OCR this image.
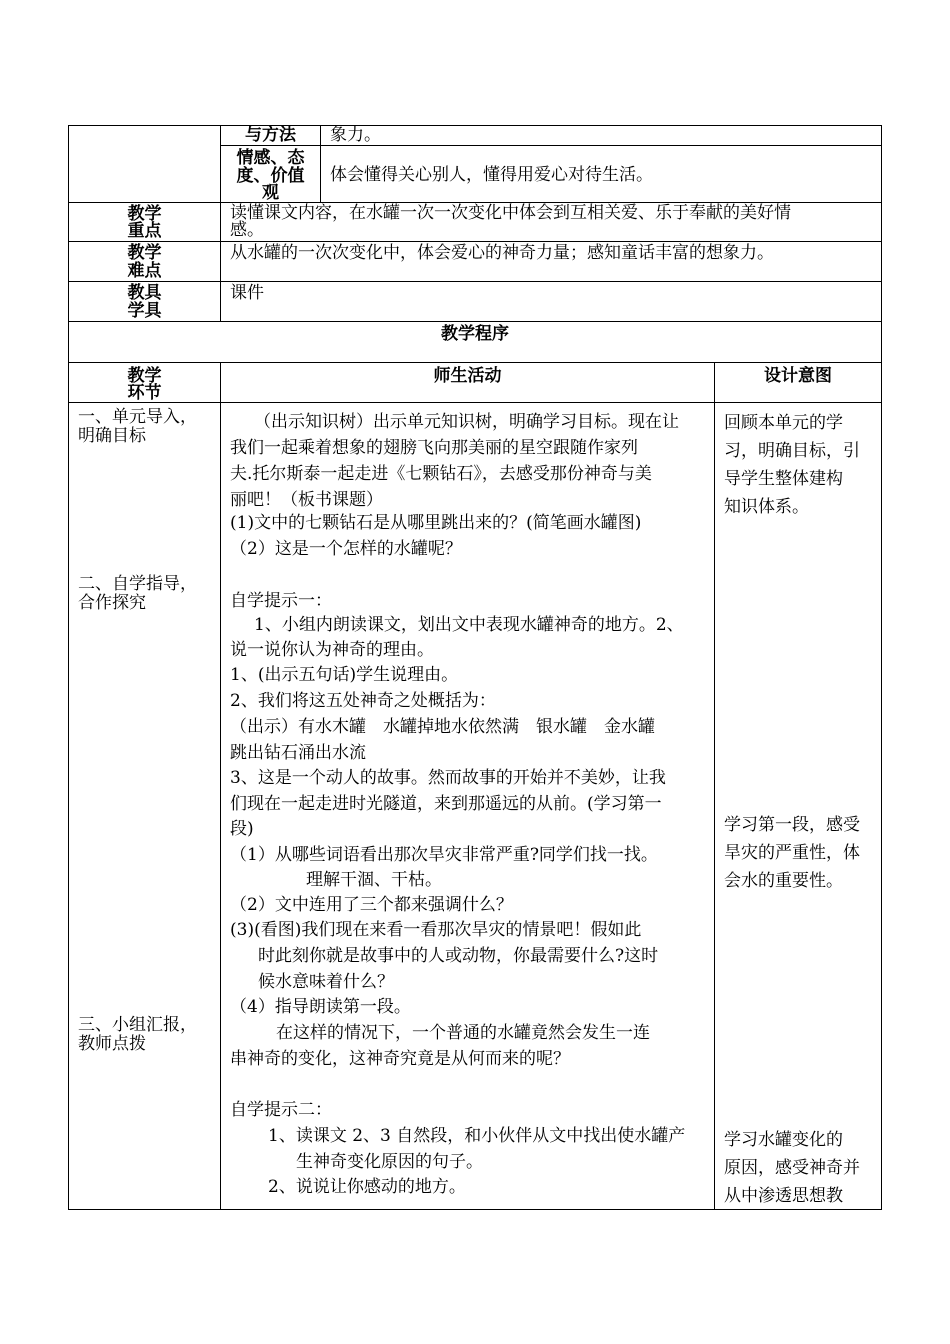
与方法	象力。
情感、态
度、价值
观
体会懂得关心别人，懂得用爱心对待生活。
教学
重点
读懂课文内容，在水罐一次一次变化中体会到互相关爱、乐于奉献的美好情
感。
教学
难点
从水罐的一次次变化中，体会爱心的神奇力量；感知童话丰富的想象力。
教具
学具
课件
教学程序
教学
环节
师生活动	设计意图
一、单元导入，
明确目标
二、自学指导，
合作探究
三、小组汇报，
教师点拨
（出示知识树）出示单元知识树，明确学习目标。现在让
我们一起乘着想象的翅膀飞向那美丽的星空跟随作家列
夫.托尔斯泰一起走进《七颗钻石》，去感受那份神奇与美
丽吧！（板书课题）
(1)文中的七颗钻石是从哪里跳出来的？(简笔画水罐图)
（2）这是一个怎样的水罐呢？
自学提示一：
1、小组内朗读课文，划出文中表现水罐神奇的地方。2、
说一说你认为神奇的理由。
1、(出示五句话)学生说理由。
2、我们将这五处神奇之处概括为：
（出示）有水木罐　水罐掉地水依然满　银水罐　金水罐
跳出钻石涌出水流
3、这是一个动人的故事。然而故事的开始并不美妙，让我
们现在一起走进时光隧道，来到那遥远的从前。(学习第一
段)
（1）从哪些词语看出那次旱灾非常严重?同学们找一找。
理解干涸、干枯。
（2）文中连用了三个都来强调什么？
(3)(看图)我们现在来看一看那次旱灾的情景吧！假如此
时此刻你就是故事中的人或动物，你最需要什么?这时
候水意味着什么？
（4）指导朗读第一段。
在这样的情况下，一个普通的水罐竟然会发生一连
串神奇的变化，这神奇究竟是从何而来的呢？
自学提示二：
1、读课文 2、3 自然段，和小伙伴从文中找出使水罐产
生神奇变化原因的句子。
2、说说让你感动的地方。
回顾本单元的学
习，明确目标，引
导学生整体建构
知识体系。
学习第一段，感受
旱灾的严重性，体
会水的重要性。
学习水罐变化的
原因，感受神奇并
从中渗透思想教
